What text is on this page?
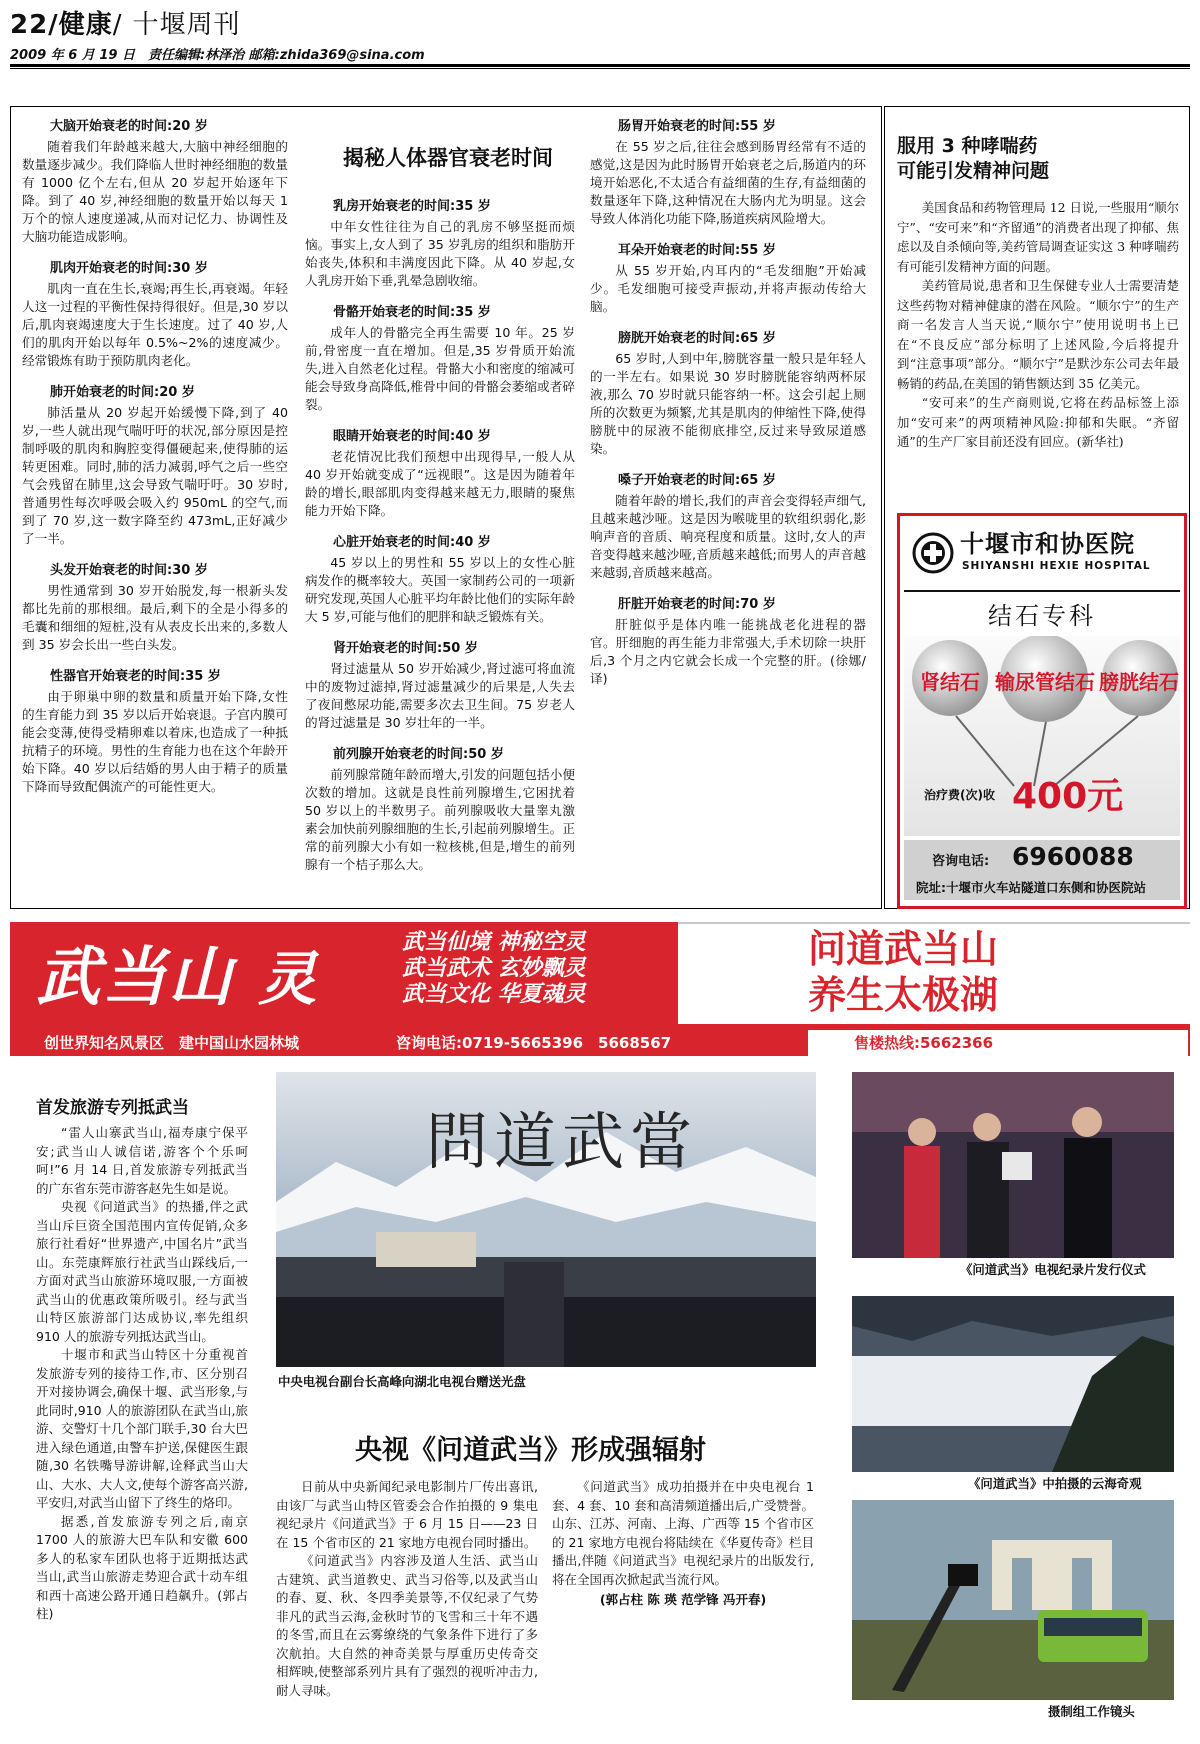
22/健康/ 十堰周刊
2009 年 6 月 19 日　责任编辑:林泽治 邮箱:zhida369@sina.com
大脑开始衰老的时间:20 岁

随着我们年龄越来越大,大脑中神经细胞的数量逐步减少。我们降临人世时神经细胞的数量有 1000 亿个左右,但从 20 岁起开始逐年下降。到了 40 岁,神经细胞的数量开始以每天 1 万个的惊人速度递减,从而对记忆力、协调性及大脑功能造成影响。

肌肉开始衰老的时间:30 岁

肌肉一直在生长,衰竭;再生长,再衰竭。年轻人这一过程的平衡性保持得很好。但是,30 岁以后,肌肉衰竭速度大于生长速度。过了 40 岁,人们的肌肉开始以每年 0.5%~2%的速度减少。经常锻炼有助于预防肌肉老化。

肺开始衰老的时间:20 岁

肺活量从 20 岁起开始缓慢下降,到了 40 岁,一些人就出现气喘吁吁的状况,部分原因是控制呼吸的肌肉和胸腔变得僵硬起来,使得肺的运转更困难。同时,肺的活力减弱,呼气之后一些空气会残留在肺里,这会导致气喘吁吁。30 岁时,普通男性每次呼吸会吸入约 950mL 的空气,而到了 70 岁,这一数字降至约 473mL,正好减少了一半。

头发开始衰老的时间:30 岁

男性通常到 30 岁开始脱发,每一根新头发都比先前的那根细。最后,剩下的全是小得多的毛囊和细细的短桩,没有从表皮长出来的,多数人到 35 岁会长出一些白头发。

性器官开始衰老的时间:35 岁

由于卵巢中卵的数量和质量开始下降,女性的生育能力到 35 岁以后开始衰退。子宫内膜可能会变薄,使得受精卵难以着床,也造成了一种抵抗精子的环境。男性的生育能力也在这个年龄开始下降。40 岁以后结婚的男人由于精子的质量下降而导致配偶流产的可能性更大。

揭秘人体器官衰老时间
乳房开始衰老的时间:35 岁

中年女性往往为自己的乳房不够坚挺而烦恼。事实上,女人到了 35 岁乳房的组织和脂肪开始丧失,体积和丰满度因此下降。从 40 岁起,女人乳房开始下垂,乳晕急剧收缩。

骨骼开始衰老的时间:35 岁

成年人的骨骼完全再生需要 10 年。25 岁前,骨密度一直在增加。但是,35 岁骨质开始流失,进入自然老化过程。骨骼大小和密度的缩减可能会导致身高降低,椎骨中间的骨骼会萎缩或者碎裂。

眼睛开始衰老的时间:40 岁

老花情况比我们预想中出现得早,一般人从 40 岁开始就变成了“远视眼”。这是因为随着年龄的增长,眼部肌肉变得越来越无力,眼睛的聚焦能力开始下降。

心脏开始衰老的时间:40 岁

45 岁以上的男性和 55 岁以上的女性心脏病发作的概率较大。英国一家制药公司的一项新研究发现,英国人心脏平均年龄比他们的实际年龄大 5 岁,可能与他们的肥胖和缺乏锻炼有关。

肾开始衰老的时间:50 岁

肾过滤量从 50 岁开始减少,肾过滤可将血流中的废物过滤掉,肾过滤量减少的后果是,人失去了夜间憋尿功能,需要多次去卫生间。75 岁老人的肾过滤量是 30 岁壮年的一半。

前列腺开始衰老的时间:50 岁

前列腺常随年龄而增大,引发的问题包括小便次数的增加。这就是良性前列腺增生,它困扰着 50 岁以上的半数男子。前列腺吸收大量睾丸激素会加快前列腺细胞的生长,引起前列腺增生。正常的前列腺大小有如一粒核桃,但是,增生的前列腺有一个桔子那么大。

肠胃开始衰老的时间:55 岁

在 55 岁之后,往往会感到肠胃经常有不适的感觉,这是因为此时肠胃开始衰老之后,肠道内的环境开始恶化,不太适合有益细菌的生存,有益细菌的数量逐年下降,这种情况在大肠内尤为明显。这会导致人体消化功能下降,肠道疾病风险增大。

耳朵开始衰老的时间:55 岁

从 55 岁开始,内耳内的“毛发细胞”开始减少。毛发细胞可接受声振动,并将声振动传给大脑。

膀胱开始衰老的时间:65 岁

65 岁时,人到中年,膀胱容量一般只是年轻人的一半左右。如果说 30 岁时膀胱能容纳两杯尿液,那么 70 岁时就只能容纳一杯。这会引起上厕所的次数更为频繁,尤其是肌肉的伸缩性下降,使得膀胱中的尿液不能彻底排空,反过来导致尿道感染。

嗓子开始衰老的时间:65 岁

随着年龄的增长,我们的声音会变得轻声细气,且越来越沙哑。这是因为喉咙里的软组织弱化,影响声音的音质、响亮程度和质量。这时,女人的声音变得越来越沙哑,音质越来越低;而男人的声音越来越弱,音质越来越高。

肝脏开始衰老的时间:70 岁

肝脏似乎是体内唯一能挑战老化进程的器官。肝细胞的再生能力非常强大,手术切除一块肝后,3 个月之内它就会长成一个完整的肝。(徐娜/译)

服用 3 种哮喘药
可能引发精神问题

美国食品和药物管理局 12 日说,一些服用“顺尔宁”、“安可来”和“齐留通”的消费者出现了抑郁、焦虑以及自杀倾向等,美药管局调查证实这 3 种哮喘药有可能引发精神方面的问题。

美药管局说,患者和卫生保健专业人士需要清楚这些药物对精神健康的潜在风险。“顺尔宁”的生产商一名发言人当天说,“顺尔宁”使用说明书上已在“不良反应”部分标明了上述风险,今后将提升到“注意事项”部分。“顺尔宁”是默沙东公司去年最畅销的药品,在美国的销售额达到 35 亿美元。

“安可来”的生产商则说,它将在药品标签上添加“安可来”的两项精神风险:抑郁和失眠。“齐留通”的生产厂家目前还没有回应。(新华社)

十堰市和协医院
SHIYANSHI HEXIE HOSPITAL
结石专科
肾结石 输尿管结石 膀胱结石
治疗费(次)收 400元
咨询电话: 6960088
院址:十堰市火车站隧道口东侧和协医院站
武当山 灵
武当仙境 神秘空灵
武当武术 玄妙飘灵
武当文化 华夏魂灵
问道武当山
养生太极湖
创世界知名风景区　建中国山水园林城	咨询电话:0719-5665396　5668567	售楼热线:5662366
首发旅游专列抵武当

“雷人山寨武当山,福寿康宁保平安;武当山人诚信诺,游客个个乐呵呵!”6 月 14 日,首发旅游专列抵武当的广东省东莞市游客赵先生如是说。

央视《问道武当》的热播,伴之武当山斥巨资全国范围内宣传促销,众多旅行社看好“世界遗产,中国名片”武当山。东莞康辉旅行社武当山踩线后,一方面对武当山旅游环境叹服,一方面被武当山的优惠政策所吸引。经与武当山特区旅游部门达成协议,率先组织 910 人的旅游专列抵达武当山。

十堰市和武当山特区十分重视首发旅游专列的接待工作,市、区分别召开对接协调会,确保十堰、武当形象,与此同时,910 人的旅游团队在武当山,旅游、交警灯十几个部门联手,30 台大巴进入绿色通道,由警车护送,保健医生跟随,30 名铁嘴导游讲解,诠释武当山大山、大水、大人文,使每个游客高兴游,平安归,对武当山留下了终生的烙印。

据悉,首发旅游专列之后,南京 1700 人的旅游大巴车队和安徽 600 多人的私家车团队也将于近期抵达武当山,武当山旅游走势迎合武十动车组和西十高速公路开通日趋飙升。(郭占柱)

問道武當
中央电视台副台长高峰向湖北电视台赠送光盘
央视《问道武当》形成强辐射

日前从中央新闻纪录电影制片厂传出喜讯,由该厂与武当山特区管委会合作拍摄的 9 集电视纪录片《问道武当》于 6 月 15 日——23 日在 15 个省市区的 21 家地方电视台同时播出。

《问道武当》内容涉及道人生活、武当山古建筑、武当道教史、武当习俗等,以及武当山的春、夏、秋、冬四季美景等,不仅纪录了气势非凡的武当云海,金秋时节的飞雪和三十年不遇的冬雪,而且在云雾缭绕的气象条件下进行了多次航拍。大自然的神奇美景与厚重历史传奇交相辉映,使整部系列片具有了强烈的视听冲击力,耐人寻味。

《问道武当》成功拍摄并在中央电视台 1 套、4 套、10 套和高清频道播出后,广受赞誉。山东、江苏、河南、上海、广西等 15 个省市区的 21 家地方电视台将陆续在《华夏传奇》栏目播出,伴随《问道武当》电视纪录片的出版发行,将在全国再次掀起武当流行风。

(郭占柱 陈 瑛 范学锋 冯开春)
《问道武当》电视纪录片发行仪式
《问道武当》中拍摄的云海奇观
摄制组工作镜头
